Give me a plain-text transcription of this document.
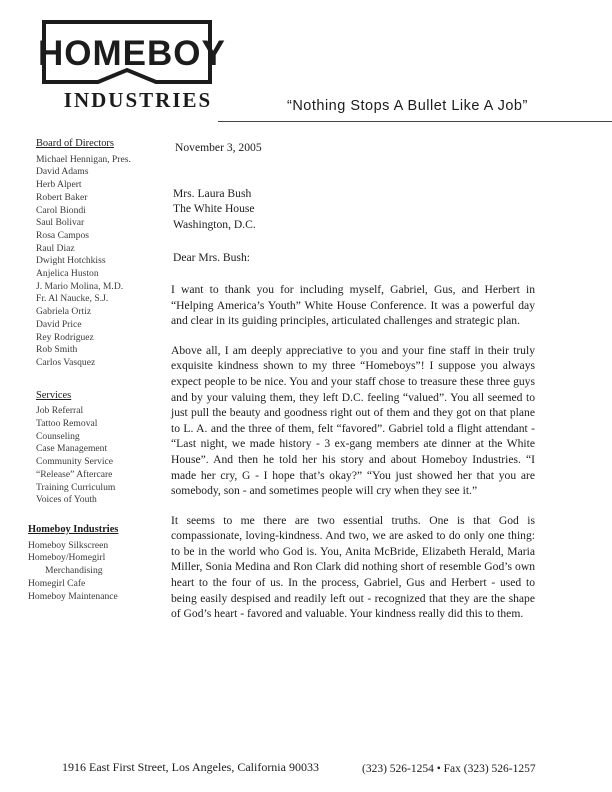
HOMEBOY
INDUSTRIES	“Nothing Stops A Bullet Like A Job”
Board of Directors
Michael Hennigan, Pres.
David Adams
Herb Alpert
Robert Baker
Carol Biondi
Saul Bolivar
Rosa Campos
Raul Diaz
Dwight Hotchkiss
Anjelica Huston
J. Mario Molina, M.D.
Fr. Al Naucke, S.J.
Gabriela Ortiz
David Price
Rey Rodriguez
Rob Smith
Carlos Vasquez
Services
Job Referral
Tattoo Removal
Counseling
Case Management
Community Service
“Release” Aftercare
Training Curriculum
Voices of Youth
Homeboy Industries
Homeboy Silkscreen
Homeboy/Homegirl
Merchandising
Homegirl Cafe
Homeboy Maintenance
November 3, 2005
Mrs. Laura Bush
The White House
Washington, D.C.
Dear Mrs. Bush:

I want to thank you for including myself, Gabriel, Gus, and Herbert in “Helping America’s Youth” White House Conference. It was a powerful day and clear in its guiding principles, articulated challenges and strategic plan.

Above all, I am deeply appreciative to you and your fine staff in their truly exquisite kindness shown to my three “Homeboys”! I suppose you always expect people to be nice. You and your staff chose to treasure these three guys and by your valuing them, they left D.C. feeling “valued”. You all seemed to just pull the beauty and goodness right out of them and they got on that plane to L. A. and the three of them, felt “favored”. Gabriel told a flight attendant - “Last night, we made history - 3 ex-gang members ate dinner at the White House”. And then he told her his story and about Homeboy Industries. “I made her cry, G - I hope that’s okay?” “You just showed her that you are somebody, son - and sometimes people will cry when they see it.”

It seems to me there are two essential truths. One is that God is compassionate, loving-kindness. And two, we are asked to do only one thing: to be in the world who God is. You, Anita McBride, Elizabeth Herald, Maria Miller, Sonia Medina and Ron Clark did nothing short of resemble God’s own heart to the four of us. In the process, Gabriel, Gus and Herbert - used to being easily despised and readily left out - recognized that they are the shape of God’s heart - favored and valuable. Your kindness really did this to them.

1916 East First Street, Los Angeles, California 90033	(323) 526-1254 • Fax (323) 526-1257
